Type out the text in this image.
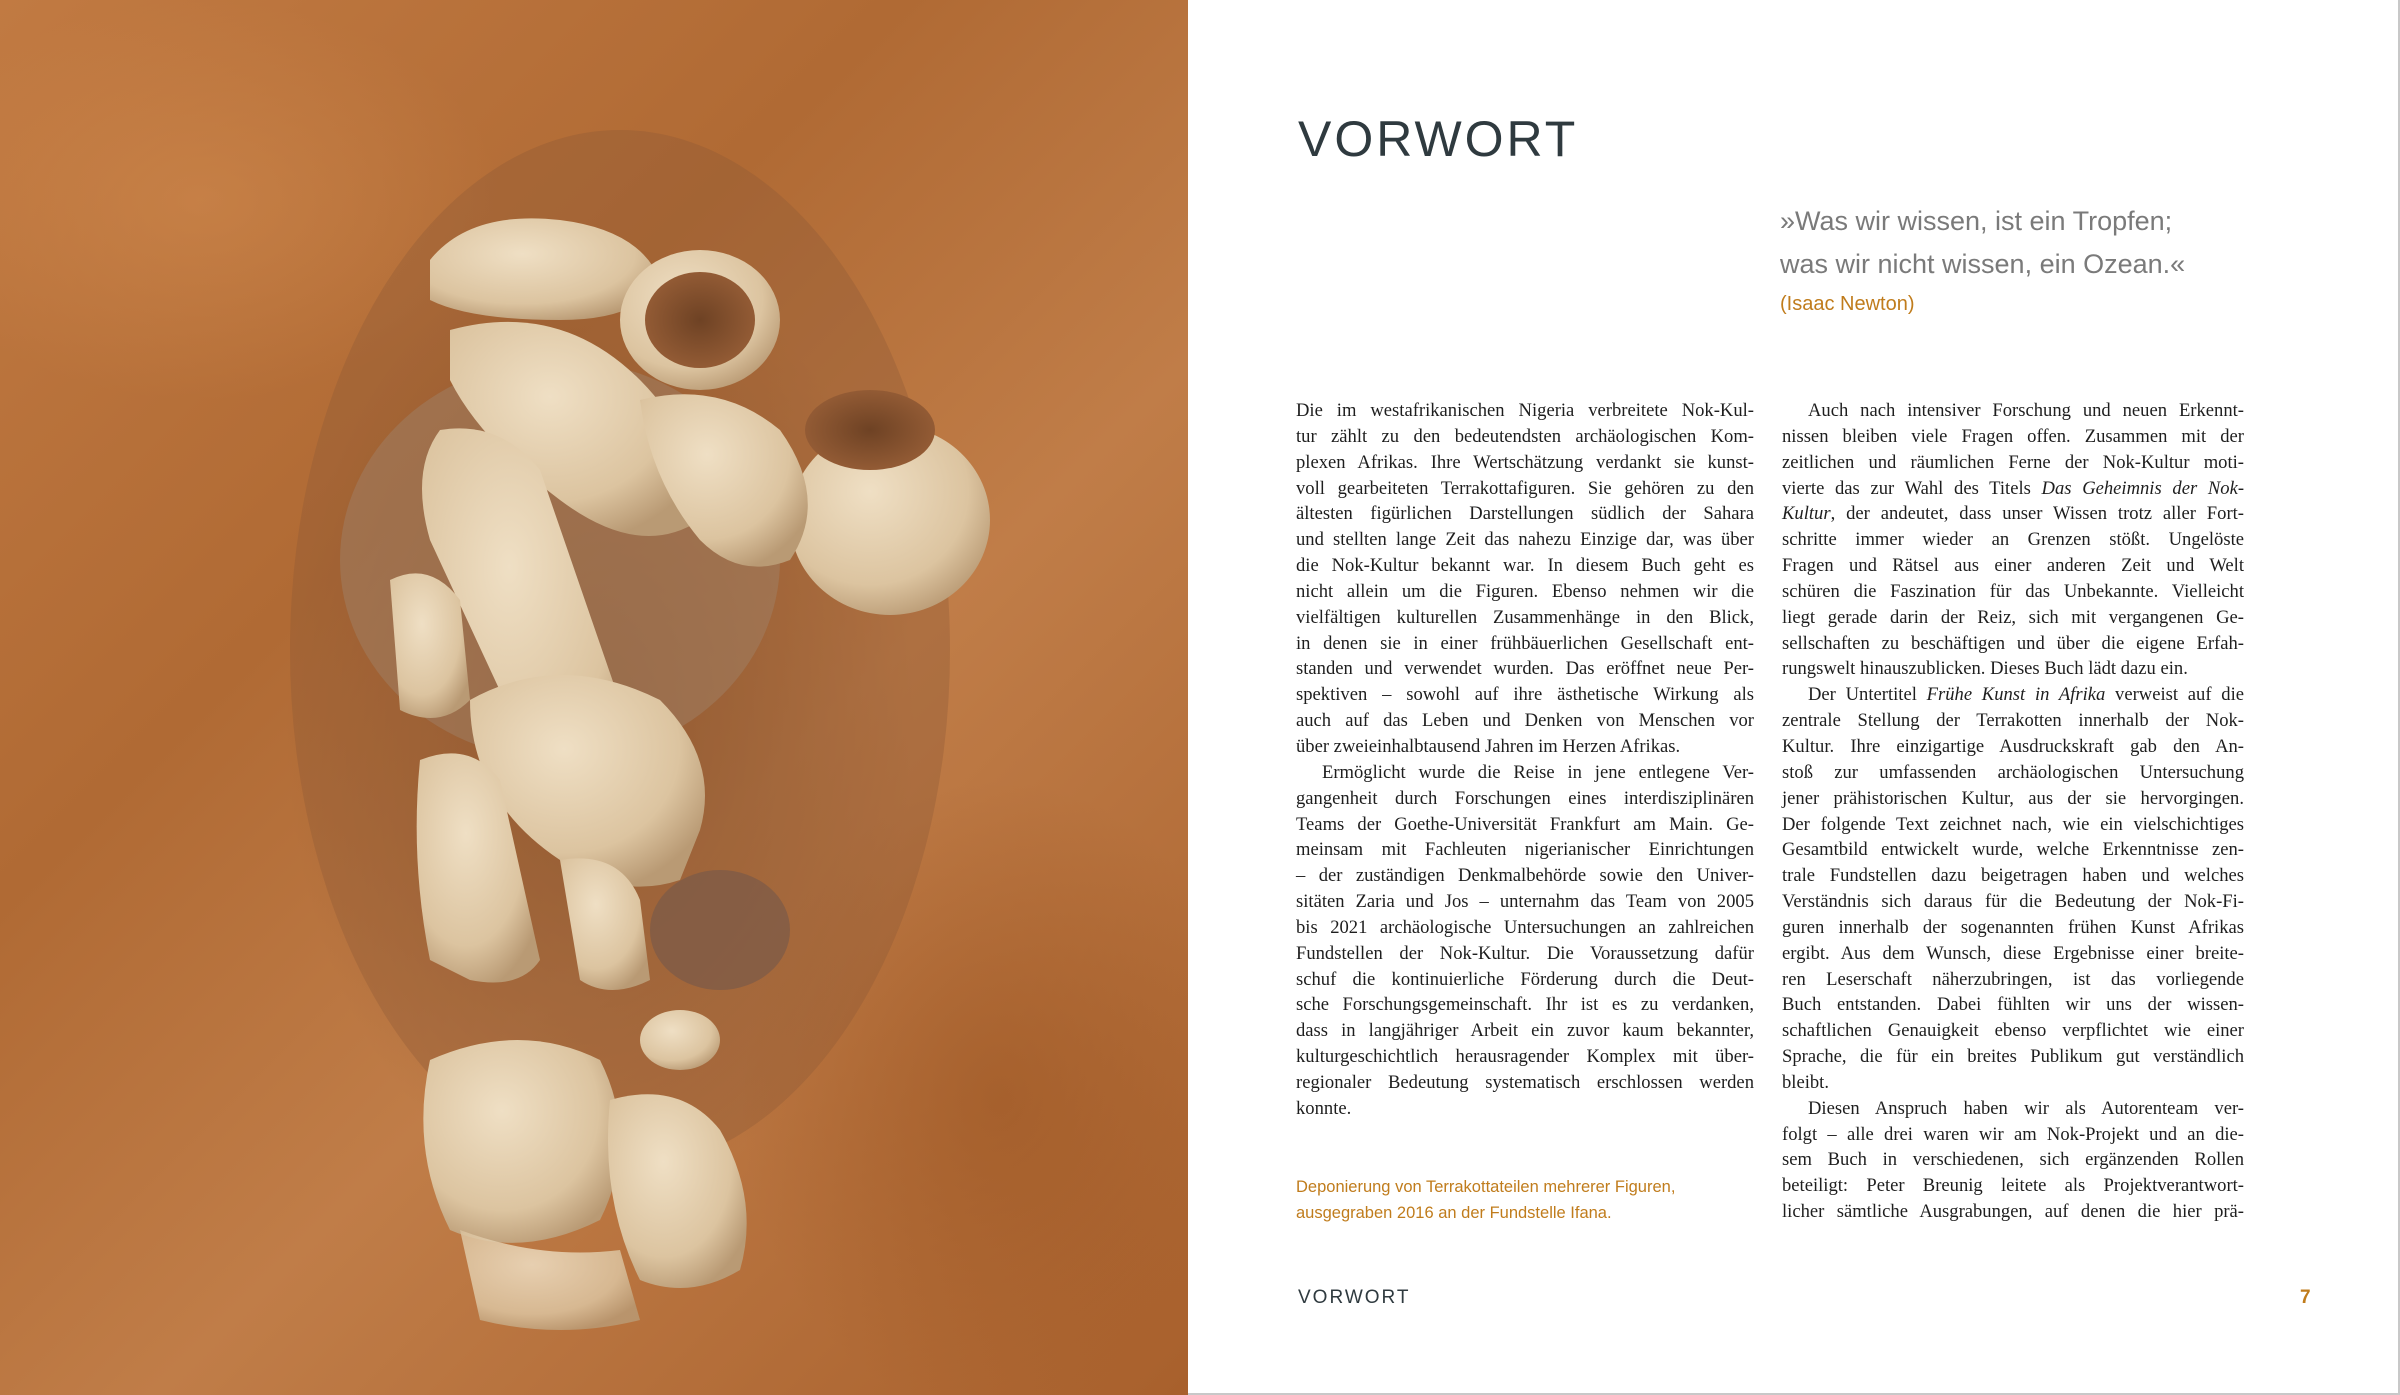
VORWORT
»Was wir wissen, ist ein Tropfen;
was wir nicht wissen, ein Ozean.«
(Isaac Newton)
Die im westafrikanischen Nigeria verbreitete Nok-Kul-
tur zählt zu den bedeutendsten archäologischen Kom-
plexen Afrikas. Ihre Wertschätzung verdankt sie kunst-
voll gearbeiteten Terrakottafiguren. Sie gehören zu den
ältesten figürlichen Darstellungen südlich der Sahara
und stellten lange Zeit das nahezu Einzige dar, was über
die Nok-Kultur bekannt war. In diesem Buch geht es
nicht allein um die Figuren. Ebenso nehmen wir die
vielfältigen kulturellen Zusammenhänge in den Blick,
in denen sie in einer frühbäuerlichen Gesellschaft ent-
standen und verwendet wurden. Das eröffnet neue Per-
spektiven – sowohl auf ihre ästhetische Wirkung als
auch auf das Leben und Denken von Menschen vor
über zweieinhalbtausend Jahren im Herzen Afrikas.
Ermöglicht wurde die Reise in jene entlegene Ver-
gangenheit durch Forschungen eines interdisziplinären
Teams der Goethe-Universität Frankfurt am Main. Ge-
meinsam mit Fachleuten nigerianischer Einrichtungen
– der zuständigen Denkmalbehörde sowie den Univer-
sitäten Zaria und Jos – unternahm das Team von 2005
bis 2021 archäologische Untersuchungen an zahlreichen
Fundstellen der Nok-Kultur. Die Voraussetzung dafür
schuf die kontinuierliche Förderung durch die Deut-
sche Forschungsgemeinschaft. Ihr ist es zu verdanken,
dass in langjähriger Arbeit ein zuvor kaum bekannter,
kulturgeschichtlich herausragender Komplex mit über-
regionaler Bedeutung systematisch erschlossen werden
konnte.
Auch nach intensiver Forschung und neuen Erkennt-
nissen bleiben viele Fragen offen. Zusammen mit der
zeitlichen und räumlichen Ferne der Nok-Kultur moti-
vierte das zur Wahl des Titels Das Geheimnis der Nok-
Kultur, der andeutet, dass unser Wissen trotz aller Fort-
schritte immer wieder an Grenzen stößt. Ungelöste
Fragen und Rätsel aus einer anderen Zeit und Welt
schüren die Faszination für das Unbekannte. Vielleicht
liegt gerade darin der Reiz, sich mit vergangenen Ge-
sellschaften zu beschäftigen und über die eigene Erfah-
rungswelt hinauszublicken. Dieses Buch lädt dazu ein.
Der Untertitel Frühe Kunst in Afrika verweist auf die
zentrale Stellung der Terrakotten innerhalb der Nok-
Kultur. Ihre einzigartige Ausdruckskraft gab den An-
stoß zur umfassenden archäologischen Untersuchung
jener prähistorischen Kultur, aus der sie hervorgingen.
Der folgende Text zeichnet nach, wie ein vielschichtiges
Gesamtbild entwickelt wurde, welche Erkenntnisse zen-
trale Fundstellen dazu beigetragen haben und welches
Verständnis sich daraus für die Bedeutung der Nok-Fi-
guren innerhalb der sogenannten frühen Kunst Afrikas
ergibt. Aus dem Wunsch, diese Ergebnisse einer breite-
ren Leserschaft näherzubringen, ist das vorliegende
Buch entstanden. Dabei fühlten wir uns der wissen-
schaftlichen Genauigkeit ebenso verpflichtet wie einer
Sprache, die für ein breites Publikum gut verständlich
bleibt.
Diesen Anspruch haben wir als Autorenteam ver-
folgt – alle drei waren wir am Nok-Projekt und an die-
sem Buch in verschiedenen, sich ergänzenden Rollen
beteiligt: Peter Breunig leitete als Projektverantwort-
licher sämtliche Ausgrabungen, auf denen die hier prä-
Deponierung von Terrakottateilen mehrerer Figuren,
ausgegraben 2016 an der Fundstelle Ifana.
VORWORT	7
